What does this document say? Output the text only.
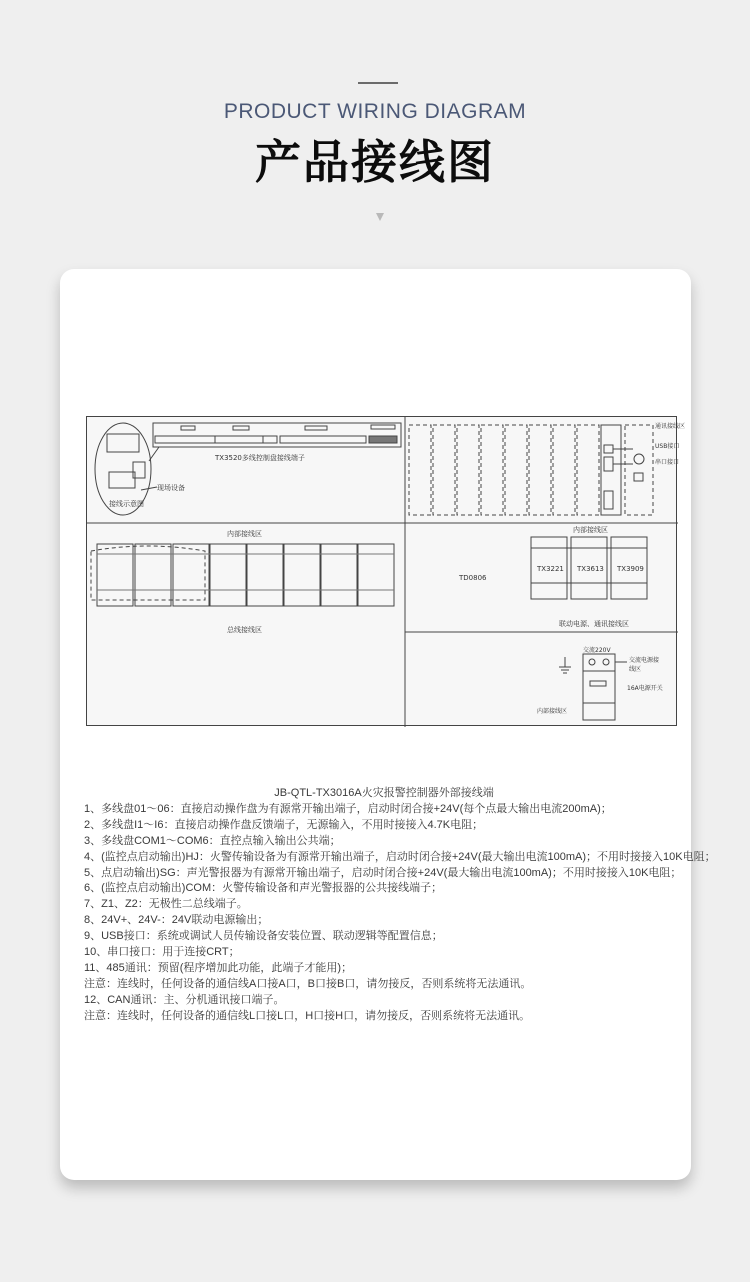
PRODUCT WIRING DIAGRAM
产品接线图
TX3520多线控制盘接线端子
接线示意图
现场设备
通讯接线区
USB接口
串口接口
内部接线区
总线接线区
内部接线区
TD0806
TX3221 TX3613 TX3909
联动电源、通讯接线区
交流220V
交流电源接线区
16A电源开关
内部接线区
JB-QTL-TX3016A火灾报警控制器外部接线端
1、多线盘01～06：直接启动操作盘为有源常开输出端子，启动时闭合接+24V(每个点最大输出电流200mA)；
2、多线盘I1～I6：直接启动操作盘反馈端子，无源输入，不用时接接入4.7K电阻；
3、多线盘COM1～COM6：直控点输入输出公共端；
4、(监控点启动输出)HJ：火警传输设备为有源常开输出端子，启动时闭合接+24V(最大输出电流100mA)；不用时接接入10K电阻；
5、点启动输出)SG：声光警报器为有源常开输出端子，启动时闭合接+24V(最大输出电流100mA)；不用时接接入10K电阻；
6、(监控点启动输出)COM：火警传输设备和声光警报器的公共接线端子；
7、Z1、Z2：无极性二总线端子。
8、24V+、24V-：24V联动电源输出；
9、USB接口：系统或调试人员传输设备安装位置、联动逻辑等配置信息；
10、串口接口：用于连接CRT；
11、485通讯：预留(程序增加此功能，此端子才能用)；
注意：连线时，任何设备的通信线A口接A口，B口接B口，请勿接反，否则系统将无法通讯。
12、CAN通讯：主、分机通讯接口端子。
注意：连线时，任何设备的通信线L口接L口，H口接H口，请勿接反，否则系统将无法通讯。
